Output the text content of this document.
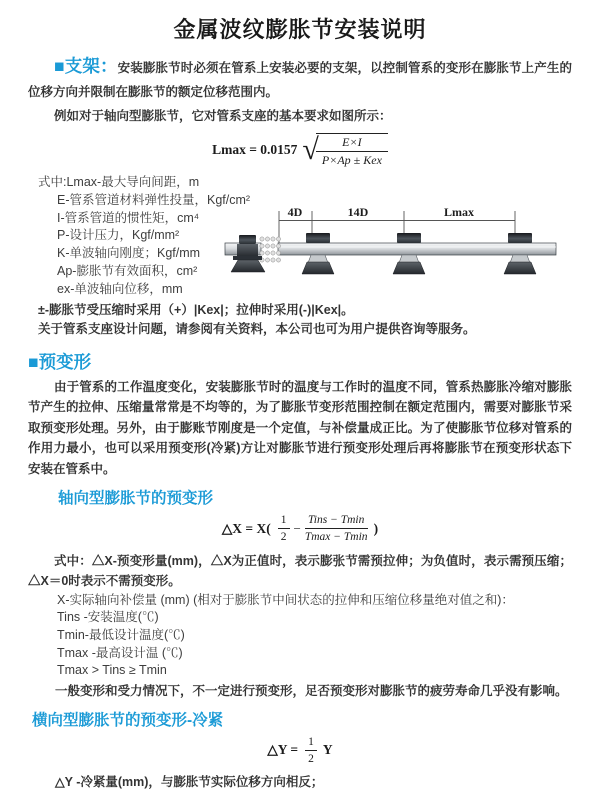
金属波纹膨胀节安装说明

■支架：安装膨胀节时必须在管系上安装必要的支架，以控制管系的变形在膨胀节上产生的位移方向并限制在膨胀节的额定位移范围内。

例如对于轴向型膨胀节，它对管系支座的基本要求如图所示：

Lmax = 0.0157 √	E×I
P×Ap ± Kex
式中:Lmax-最大导向间距，m
E-管系管道材料弹性投量，Kgf/cm²
I-管系管道的惯性矩，cm⁴
P-设计压力，Kgf/mm²
K-单波轴向刚度；Kgf/mm
Ap-膨胀节有效面积，cm²
ex-单波轴向位移，mm
±-膨胀节受压缩时采用（+）|Kex|；拉伸时采用(-)|Kex|。
4D	14D	Lmax
关于管系支座设计问题，请参阅有关资料，本公司也可为用户提供咨询等服务。
■预变形

由于管系的工作温度变化，安装膨胀节时的温度与工作时的温度不同，管系热膨胀冷缩对膨胀节产生的拉伸、压缩量常常是不均等的，为了膨胀节变形范围控制在额定范围内，需要对膨胀节采取预变形处理。另外，由于膨账节刚度是一个定值，与补偿量成正比。为了使膨胀节位移对管系的作用力最小，也可以采用预变形(冷紧)方让对膨胀节进行预变形处理后再将膨胀节在预变形状态下安装在管系中。

轴向型膨胀节的预变形
△X = $X( \frac{1}{2}$ −
Tins − Tmin
Tmax − Tmin
)

式中：△X-预变形量(mm)，△X为正值时，表示膨张节需预拉伸；为负值时，表示需预压缩；△X＝0时表示不需预变形。

X-实际轴向补偿量 (mm) (相对于膨胀节中间状态的拉伸和压缩位移量绝对值之和)：
Tins -安装温度(℃)
Tmin-最低设计温度(℃)
Tmax -最高设计温 (℃)
Tmax > Tins ≥ Tmin
一般变形和受力情况下，不一定进行预变形，足否预变形对膨胀节的疲劳寿命几乎没有影响。
横向型膨胀节的预变形-冷紧
△Y = $\frac{1}{2}$ Y
△Y -冷紧量(mm)，与膨胀节实际位移方向相反；
